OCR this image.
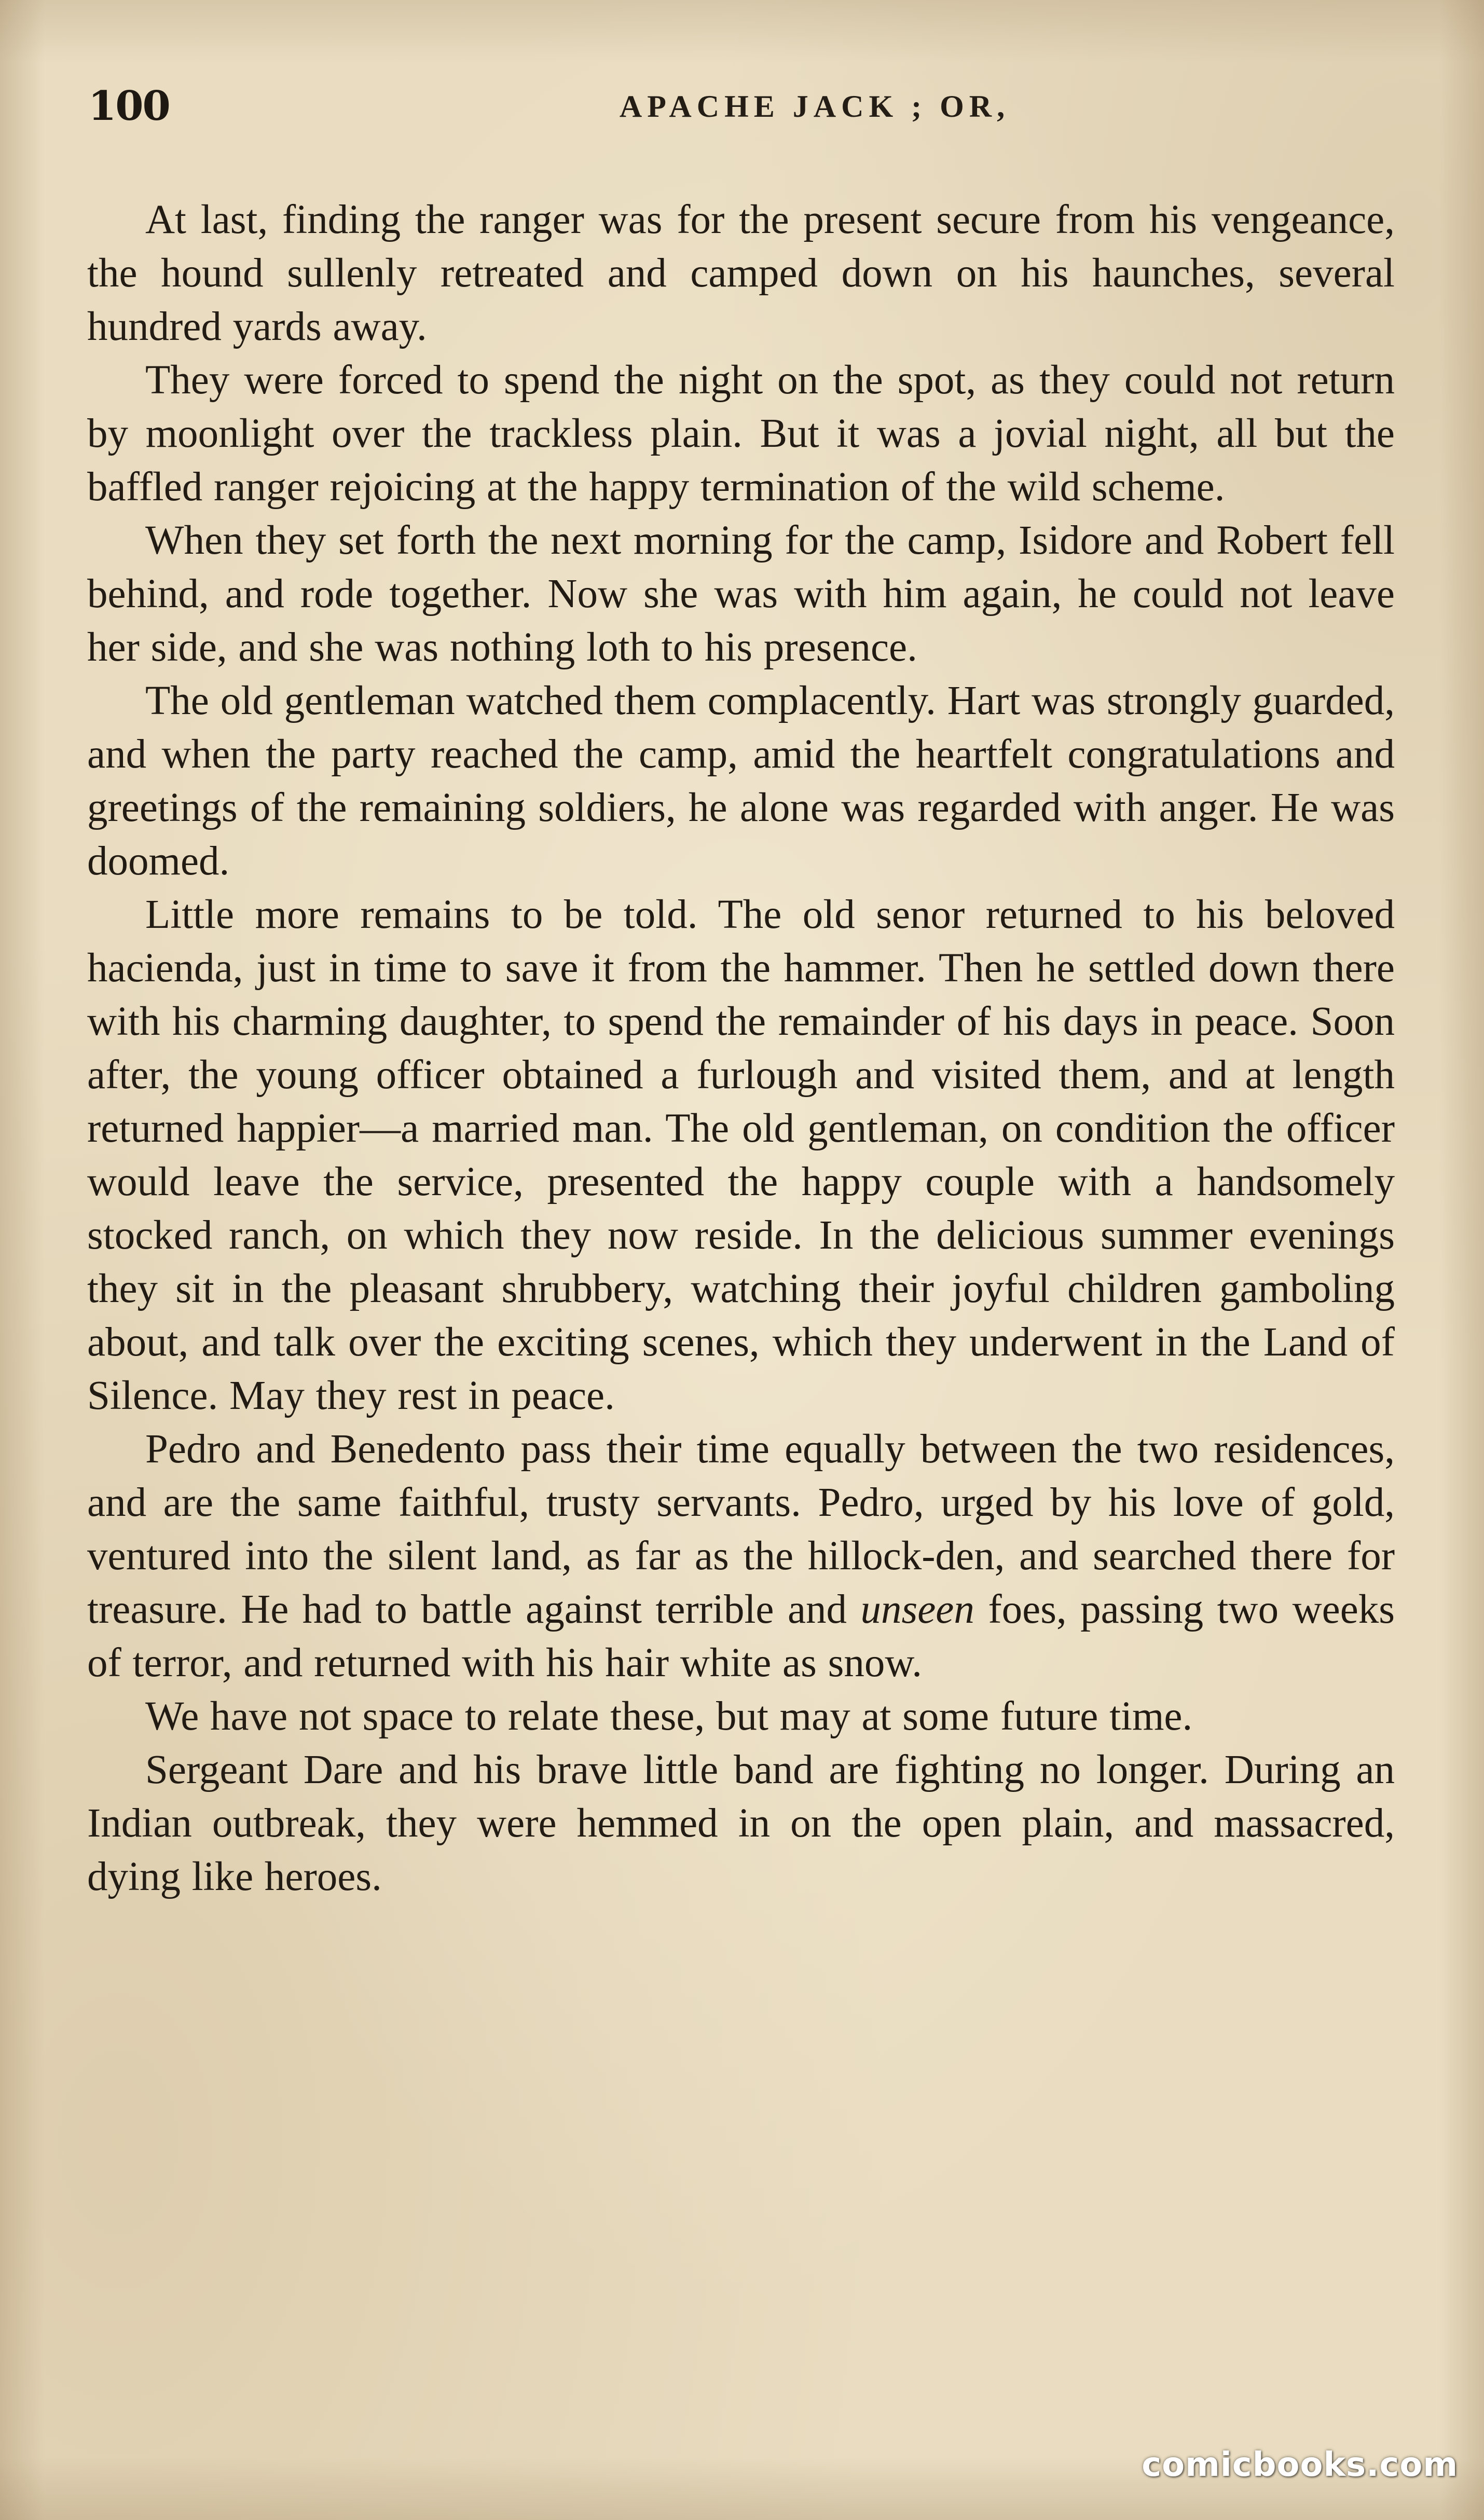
100	APACHE JACK ; OR,

At last, finding the ranger was for the present secure from his vengeance, the hound sullenly retreated and camped down on his haunches, several hundred yards away.

They were forced to spend the night on the spot, as they could not return by moonlight over the trackless plain. But it was a jovial night, all but the baffled ranger rejoicing at the happy termination of the wild scheme.

When they set forth the next morning for the camp, Isidore and Robert fell behind, and rode together. Now she was with him again, he could not leave her side, and she was nothing loth to his presence.

The old gentleman watched them complacently. Hart was strongly guarded, and when the party reached the camp, amid the heartfelt congratulations and greetings of the remaining soldiers, he alone was regarded with anger. He was doomed.

Little more remains to be told. The old senor returned to his beloved hacienda, just in time to save it from the hammer. Then he settled down there with his charming daughter, to spend the remainder of his days in peace. Soon after, the young officer obtained a furlough and visited them, and at length returned happier—a married man. The old gentleman, on condition the officer would leave the service, presented the happy couple with a handsomely stocked ranch, on which they now reside. In the delicious summer evenings they sit in the pleasant shrubbery, watching their joyful children gamboling about, and talk over the exciting scenes, which they underwent in the Land of Silence. May they rest in peace.

Pedro and Benedento pass their time equally between the two residences, and are the same faithful, trusty servants. Pedro, urged by his love of gold, ventured into the silent land, as far as the hillock-den, and searched there for treasure. He had to battle against terrible and unseen foes, passing two weeks of terror, and returned with his hair white as snow.

We have not space to relate these, but may at some future time.

Sergeant Dare and his brave little band are fighting no longer. During an Indian outbreak, they were hemmed in on the open plain, and massacred, dying like heroes.

comicbooks.com
